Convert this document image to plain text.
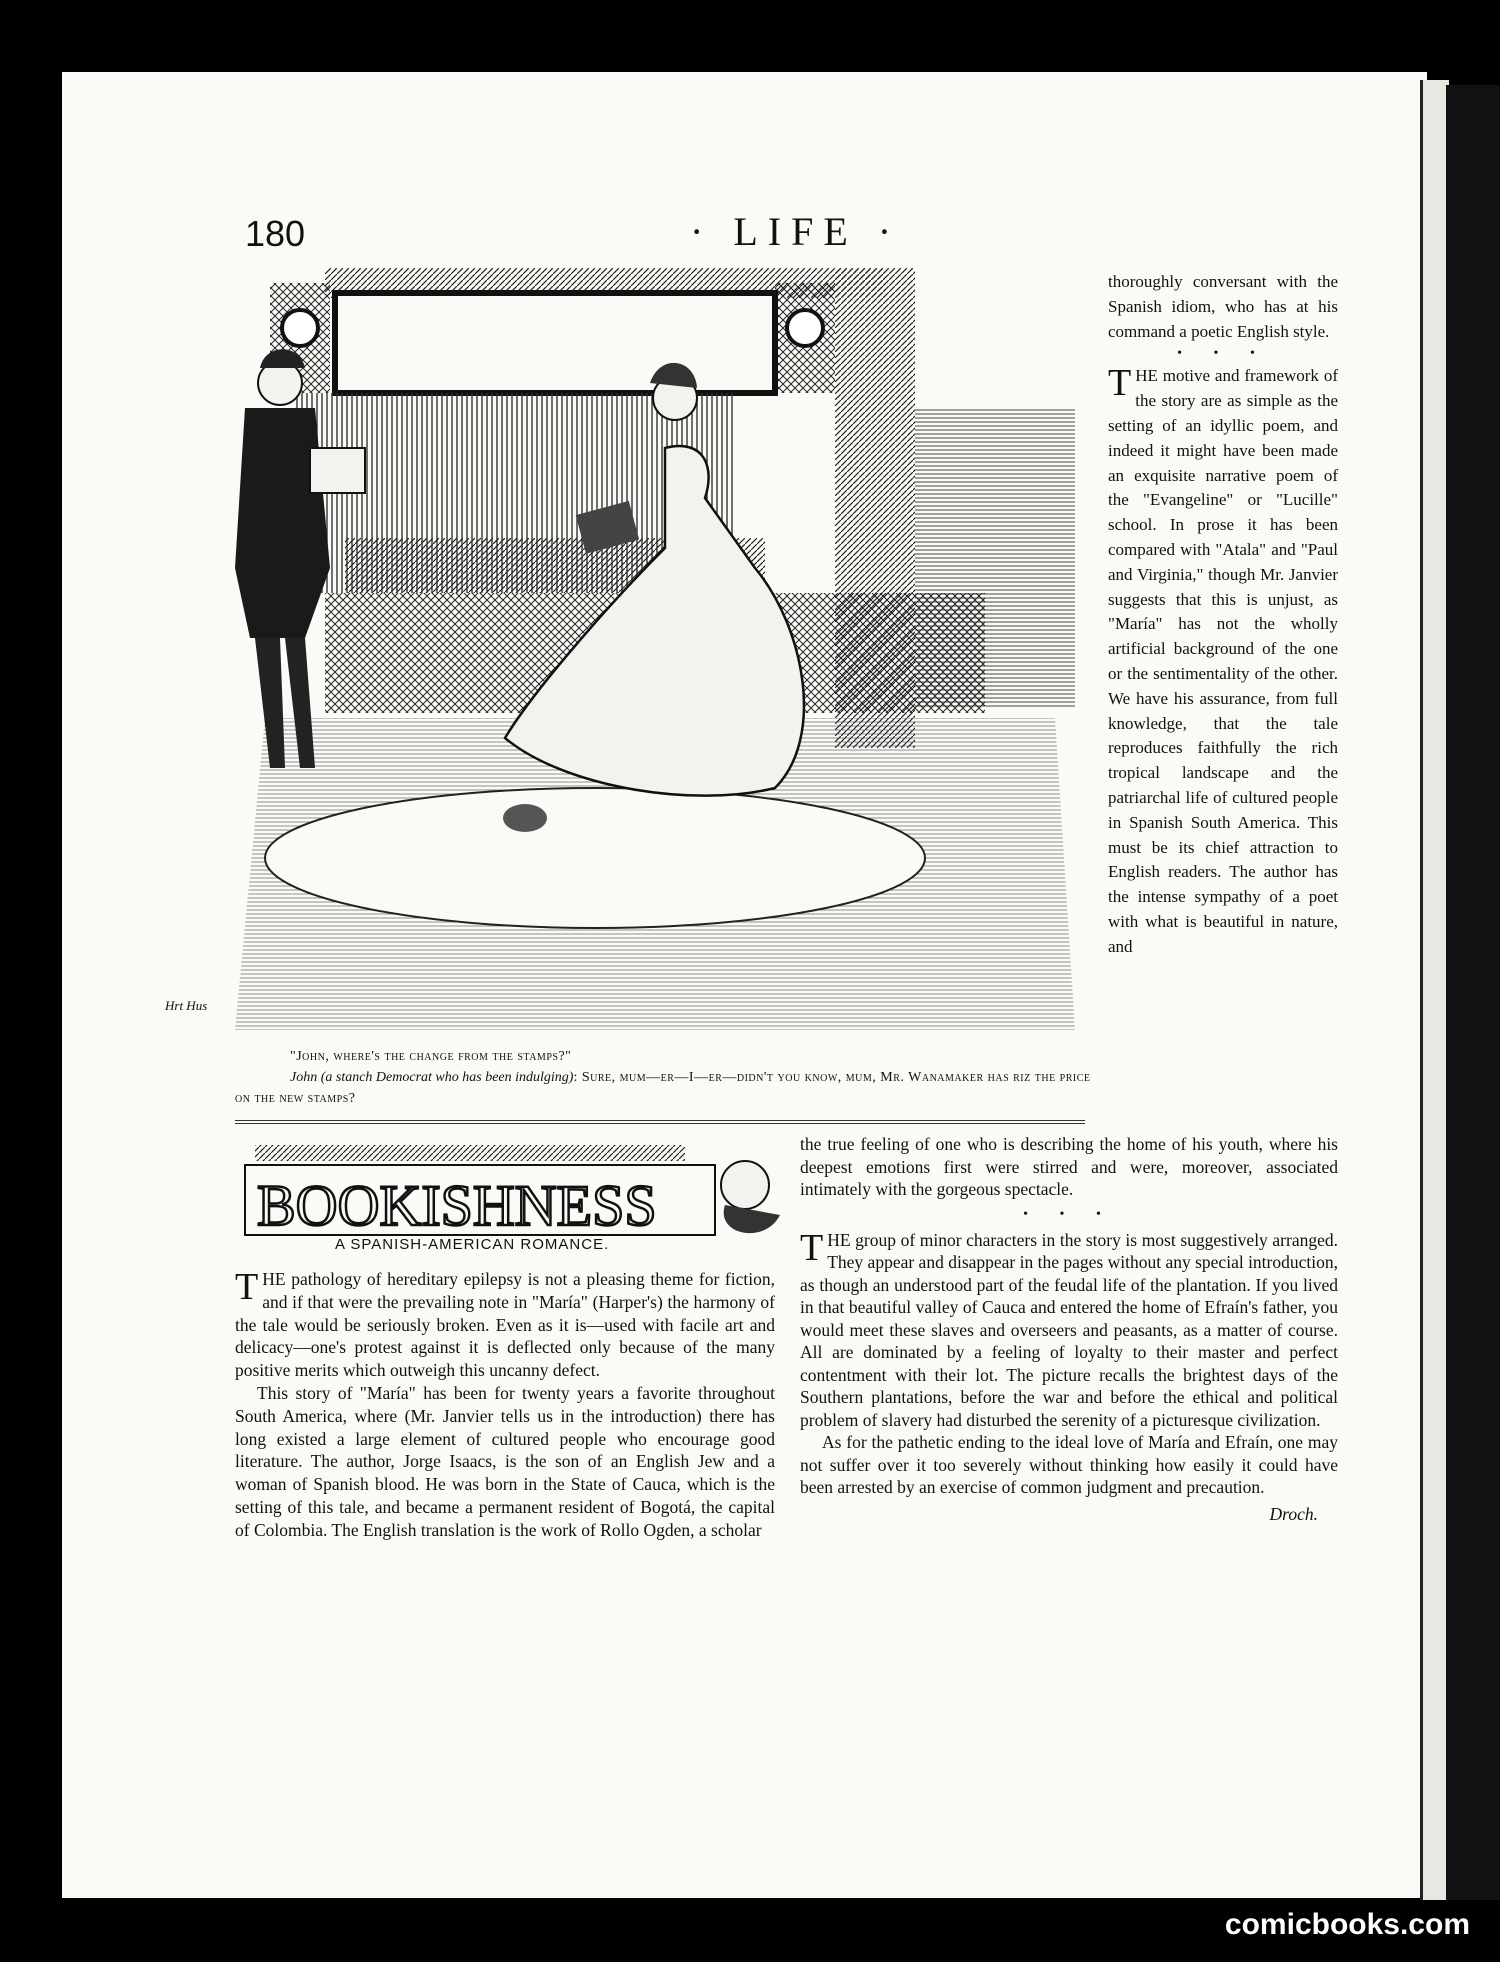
180	· LIFE ·
Hrt Hus

"John, where's the change from the stamps?"

John (a stanch Democrat who has been indulging): Sure, mum—er—I—er—didn't you know, mum, Mr. Wanamaker has riz the price on the new stamps?

thoroughly conversant with the Spanish idiom, who has at his command a poetic English style.

• • •

THE motive and framework of the story are as simple as the setting of an idyllic poem, and indeed it might have been made an exquisite narrative poem of the "Evangeline" or "Lucille" school. In prose it has been compared with "Atala" and "Paul and Virginia," though Mr. Janvier suggests that this is unjust, as "María" has not the wholly artificial background of the one or the sentimentality of the other. We have his assurance, from full knowledge, that the tale reproduces faithfully the rich tropical landscape and the patriarchal life of cultured people in Spanish South America. This must be its chief attraction to English readers. The author has the intense sympathy of a poet with what is beautiful in nature, and

BOOKISHNESS
A SPANISH-AMERICAN ROMANCE.

THE pathology of hereditary epilepsy is not a pleasing theme for fiction, and if that were the prevailing note in "María" (Harper's) the harmony of the tale would be seriously broken. Even as it is—used with facile art and delicacy—one's protest against it is deflected only because of the many positive merits which outweigh this uncanny defect.

This story of "María" has been for twenty years a favorite throughout South America, where (Mr. Janvier tells us in the introduction) there has long existed a large element of cultured people who encourage good literature. The author, Jorge Isaacs, is the son of an English Jew and a woman of Spanish blood. He was born in the State of Cauca, which is the setting of this tale, and became a permanent resident of Bogotá, the capital of Colombia. The English translation is the work of Rollo Ogden, a scholar

the true feeling of one who is describing the home of his youth, where his deepest emotions first were stirred and were, moreover, associated intimately with the gorgeous spectacle.

• • •

THE group of minor characters in the story is most suggestively arranged. They appear and disappear in the pages without any special introduction, as though an understood part of the feudal life of the plantation. If you lived in that beautiful valley of Cauca and entered the home of Efraín's father, you would meet these slaves and overseers and peasants, as a matter of course. All are dominated by a feeling of loyalty to their master and perfect contentment with their lot. The picture recalls the brightest days of the Southern plantations, before the war and before the ethical and political problem of slavery had disturbed the serenity of a picturesque civilization.

As for the pathetic ending to the ideal love of María and Efraín, one may not suffer over it too severely without thinking how easily it could have been arrested by an exercise of common judgment and precaution.

Droch.

comicbooks.com
